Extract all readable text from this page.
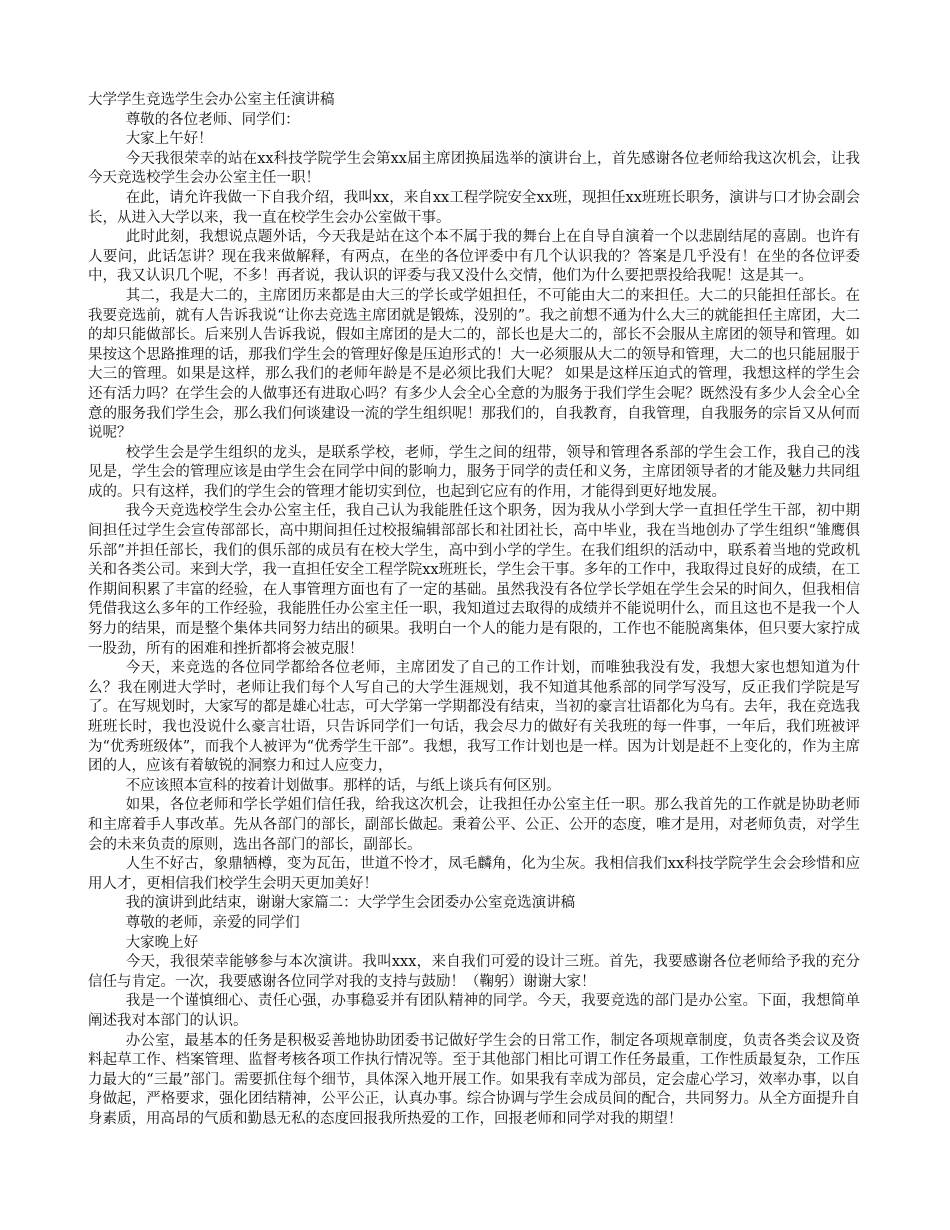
大学学生竞选学生会办公室主任演讲稿

尊敬的各位老师、同学们：

大家上午好！

今天我很荣幸的站在xx科技学院学生会第xx届主席团换届选举的演讲台上，首先感谢各位老师给我这次机会，让我今天竞选校学生会办公室主任一职！

在此，请允许我做一下自我介绍，我叫xx，来自xx工程学院安全xx班，现担任xx班班长职务，演讲与口才协会副会长，从进入大学以来，我一直在校学生会办公室做干事。

此时此刻，我想说点题外话，今天我是站在这个本不属于我的舞台上在自导自演着一个以悲剧结尾的喜剧。也许有人要问，此话怎讲？现在我来做解释，有两点，在坐的各位评委中有几个认识我的？答案是几乎没有！在坐的各位评委中，我又认识几个呢，不多！再者说，我认识的评委与我又没什么交情，他们为什么要把票投给我呢！这是其一。

其二，我是大二的，主席团历来都是由大三的学长或学姐担任，不可能由大二的来担任。大二的只能担任部长。在我要竞选前，就有人告诉我说“让你去竞选主席团就是锻炼，没别的”。我之前想不通为什么大三的就能担任主席团，大二的却只能做部长。后来别人告诉我说，假如主席团的是大二的，部长也是大二的，部长不会服从主席团的领导和管理。如果按这个思路推理的话，那我们学生会的管理好像是压迫形式的！大一必须服从大二的领导和管理，大二的也只能屈服于大三的管理。如果是这样，那么我们的老师年龄是不是必须比我们大呢？ 如果是这样压迫式的管理，我想这样的学生会还有活力吗？在学生会的人做事还有进取心吗？有多少人会全心全意的为服务于我们学生会呢？既然没有多少人会全心全意的服务我们学生会，那么我们何谈建设一流的学生组织呢！那我们的，自我教育，自我管理，自我服务的宗旨又从何而说呢？

校学生会是学生组织的龙头，是联系学校，老师，学生之间的纽带，领导和管理各系部的学生会工作，我自己的浅见是，学生会的管理应该是由学生会在同学中间的影响力，服务于同学的责任和义务，主席团领导者的才能及魅力共同组成的。只有这样，我们的学生会的管理才能切实到位，也起到它应有的作用，才能得到更好地发展。

我今天竞选校学生会办公室主任，我自己认为我能胜任这个职务，因为我从小学到大学一直担任学生干部，初中期间担任过学生会宣传部部长，高中期间担任过校报编辑部部长和社团社长，高中毕业，我在当地创办了学生组织“雏鹰俱乐部”并担任部长，我们的俱乐部的成员有在校大学生，高中到小学的学生。在我们组织的活动中，联系着当地的党政机关和各类公司。来到大学，我一直担任安全工程学院xx班班长，学生会干事。多年的工作中，我取得过良好的成绩，在工作期间积累了丰富的经验，在人事管理方面也有了一定的基础。虽然我没有各位学长学姐在学生会呆的时间久，但我相信凭借我这么多年的工作经验，我能胜任办公室主任一职，我知道过去取得的成绩并不能说明什么，而且这也不是我一个人努力的结果，而是整个集体共同努力结出的硕果。我明白一个人的能力是有限的，工作也不能脱离集体，但只要大家拧成一股劲，所有的困难和挫折都将会被克服！

今天，来竞选的各位同学都给各位老师，主席团发了自己的工作计划，而唯独我没有发，我想大家也想知道为什么？我在刚进大学时，老师让我们每个人写自己的大学生涯规划，我不知道其他系部的同学写没写，反正我们学院是写了。在写规划时，大家写的都是雄心壮志，可大学第一学期都没有结束，当初的豪言壮语都化为乌有。去年，我在竞选我班班长时，我也没说什么豪言壮语，只告诉同学们一句话，我会尽力的做好有关我班的每一件事，一年后，我们班被评为“优秀班级体”，而我个人被评为“优秀学生干部”。我想，我写工作计划也是一样。因为计划是赶不上变化的，作为主席团的人，应该有着敏锐的洞察力和过人应变力，

不应该照本宣科的按着计划做事。那样的话，与纸上谈兵有何区别。

如果，各位老师和学长学姐们信任我，给我这次机会，让我担任办公室主任一职。那么我首先的工作就是协助老师和主席着手人事改革。先从各部门的部长，副部长做起。秉着公平、公正、公开的态度，唯才是用，对老师负责，对学生会的未来负责的原则，选出各部门的部长，副部长。

人生不好古，象鼎牺樽，变为瓦缶，世道不怜才，凤毛麟角，化为尘灰。我相信我们xx科技学院学生会会珍惜和应用人才，更相信我们校学生会明天更加美好！

我的演讲到此结束，谢谢大家篇二：大学学生会团委办公室竞选演讲稿

尊敬的老师，亲爱的同学们

大家晚上好

今天，我很荣幸能够参与本次演讲。我叫xxx，来自我们可爱的设计三班。首先，我要感谢各位老师给予我的充分信任与肯定。一次，我要感谢各位同学对我的支持与鼓励！（鞠躬）谢谢大家！

我是一个谨慎细心、责任心强，办事稳妥并有团队精神的同学。今天，我要竞选的部门是办公室。下面，我想简单阐述我对本部门的认识。

办公室，最基本的任务是积极妥善地协助团委书记做好学生会的日常工作，制定各项规章制度，负责各类会议及资料起草工作、档案管理、监督考核各项工作执行情况等。至于其他部门相比可谓工作任务最重，工作性质最复杂，工作压力最大的“三最”部门。需要抓住每个细节，具体深入地开展工作。如果我有幸成为部员，定会虚心学习，效率办事，以自身做起，严格要求，强化团结精神，公平公正，认真办事。综合协调与学生会成员间的配合，共同努力。从全方面提升自身素质，用高昂的气质和勤恳无私的态度回报我所热爱的工作，回报老师和同学对我的期望！
